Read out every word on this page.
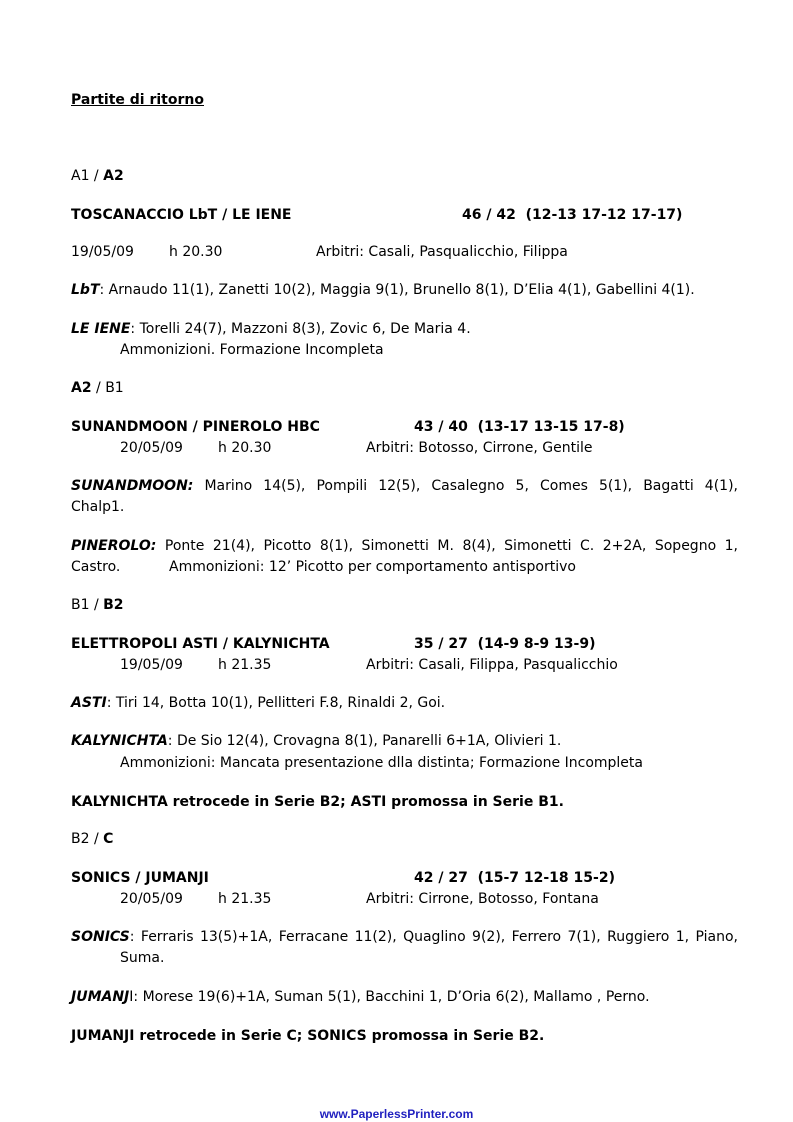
Partite di ritorno
A1 / A2
TOSCANACCIO LbT / LE IENE	46 / 42 (12-13 17-12 17-17)
19/05/09	h 20.30	Arbitri: Casali, Pasqualicchio, Filippa
LbT: Arnaudo 11(1), Zanetti 10(2), Maggia 9(1), Brunello 8(1), D’Elia 4(1), Gabellini 4(1).
LE IENE: Torelli 24(7), Mazzoni 8(3), Zovic 6, De Maria 4.
Ammonizioni. Formazione Incompleta
A2 / B1
SUNANDMOON / PINEROLO HBC	43 / 40 (13-17 13-15 17-8)
20/05/09	h 20.30	Arbitri: Botosso, Cirrone, Gentile
SUNANDMOON: Marino 14(5), Pompili 12(5), Casalegno 5, Comes 5(1), Bagatti 4(1),
Chalp1.
PINEROLO: Ponte 21(4), Picotto 8(1), Simonetti M. 8(4), Simonetti C. 2+2A, Sopegno 1,
Castro.	Ammonizioni: 12’ Picotto per comportamento antisportivo
B1 / B2
ELETTROPOLI ASTI / KALYNICHTA	35 / 27 (14-9 8-9 13-9)
19/05/09	h 21.35	Arbitri: Casali, Filippa, Pasqualicchio
ASTI: Tiri 14, Botta 10(1), Pellitteri F.8, Rinaldi 2, Goi.
KALYNICHTA: De Sio 12(4), Crovagna 8(1), Panarelli 6+1A, Olivieri 1.
Ammonizioni: Mancata presentazione dlla distinta; Formazione Incompleta
KALYNICHTA retrocede in Serie B2; ASTI promossa in Serie B1.
B2 / C
SONICS / JUMANJI	42 / 27 (15-7 12-18 15-2)
20/05/09	h 21.35	Arbitri: Cirrone, Botosso, Fontana
SONICS: Ferraris 13(5)+1A, Ferracane 11(2), Quaglino 9(2), Ferrero 7(1), Ruggiero 1, Piano,
Suma.
JUMANJI: Morese 19(6)+1A, Suman 5(1), Bacchini 1, D’Oria 6(2), Mallamo , Perno.
JUMANJI retrocede in Serie C; SONICS promossa in Serie B2.
www.PaperlessPrinter.com
